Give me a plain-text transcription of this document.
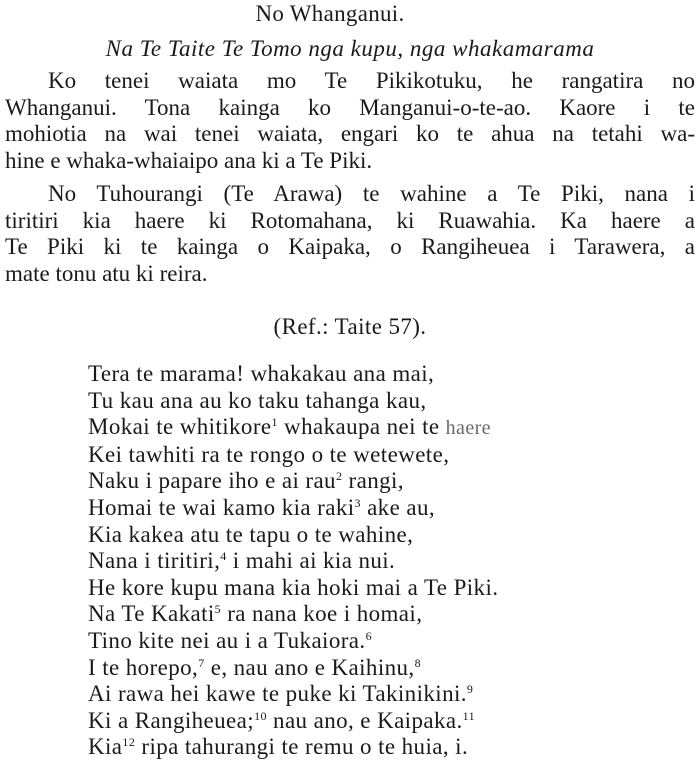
No Whanganui.
Na Te Taite Te Tomo nga kupu, nga whakamarama
Ko tenei waiata mo Te Pikikotuku, he rangatira no
Whanganui. Tona kainga ko Manganui-o-te-ao. Kaore i te
mohiotia na wai tenei waiata, engari ko te ahua na tetahi wa-
hine e whaka-whaiaipo ana ki a Te Piki.
No Tuhourangi (Te Arawa) te wahine a Te Piki, nana i
tiritiri kia haere ki Rotomahana, ki Ruawahia. Ka haere a
Te Piki ki te kainga o Kaipaka, o Rangiheuea i Tarawera, a
mate tonu atu ki reira.
(Ref.: Taite 57).
Tera te marama! whakakau ana mai,
Tu kau ana au ko taku tahanga kau,
Mokai te whitikore$^1$ whakaupa nei te haere
Kei tawhiti ra te rongo o te wetewete,
Naku i papare iho e ai rau$^2$ rangi,
Homai te wai kamo kia raki$^3$ ake au,
Kia kakea atu te tapu o te wahine,
Nana i tiritiri,$^4$ i mahi ai kia nui.
He kore kupu mana kia hoki mai a Te Piki.
Na Te Kakati$^5$ ra nana koe i homai,
Tino kite nei au i a Tukaiora.$^6$
I te horepo,$^7$ e, nau ano e Kaihinu,$^8$
Ai rawa hei kawe te puke ki Takinikini.$^9$
Ki a Rangiheuea;$^{10}$ nau ano, e Kaipaka.$^{11}$
Kia$^{12}$ ripa tahurangi te remu o te huia, i.
